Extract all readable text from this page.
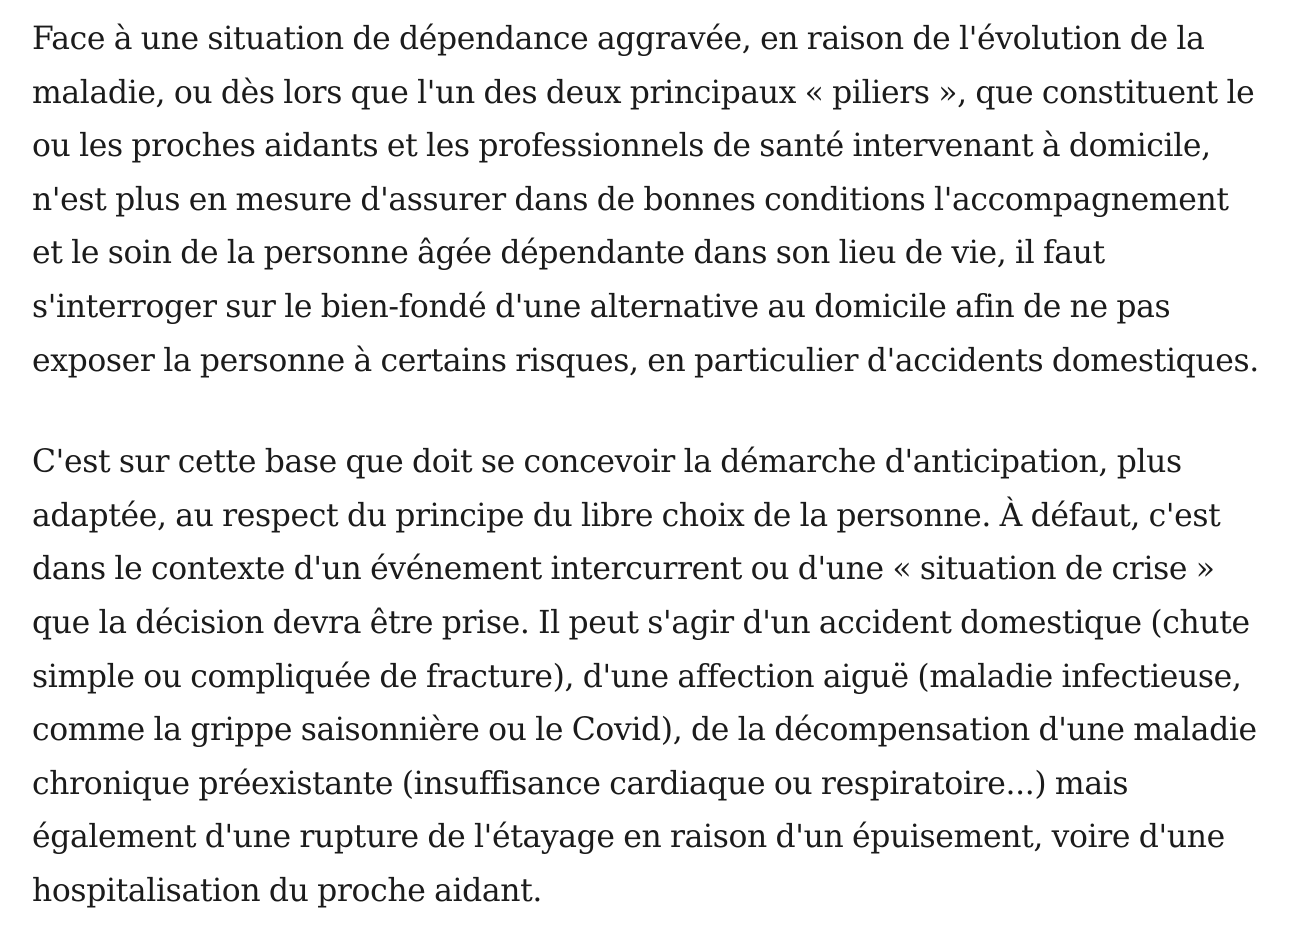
Face à une situation de dépendance aggravée, en raison de l'évolution de la
maladie, ou dès lors que l'un des deux principaux « piliers », que constituent le
ou les proches aidants et les professionnels de santé intervenant à domicile,
n'est plus en mesure d'assurer dans de bonnes conditions l'accompagnement
et le soin de la personne âgée dépendante dans son lieu de vie, il faut
s'interroger sur le bien-fondé d'une alternative au domicile afin de ne pas
exposer la personne à certains risques, en particulier d'accidents domestiques.
C'est sur cette base que doit se concevoir la démarche d'anticipation, plus
adaptée, au respect du principe du libre choix de la personne. À défaut, c'est
dans le contexte d'un événement intercurrent ou d'une « situation de crise »
que la décision devra être prise. Il peut s'agir d'un accident domestique (chute
simple ou compliquée de fracture), d'une affection aiguë (maladie infectieuse,
comme la grippe saisonnière ou le Covid), de la décompensation d'une maladie
chronique préexistante (insuffisance cardiaque ou respiratoire...) mais
également d'une rupture de l'étayage en raison d'un épuisement, voire d'une
hospitalisation du proche aidant.
